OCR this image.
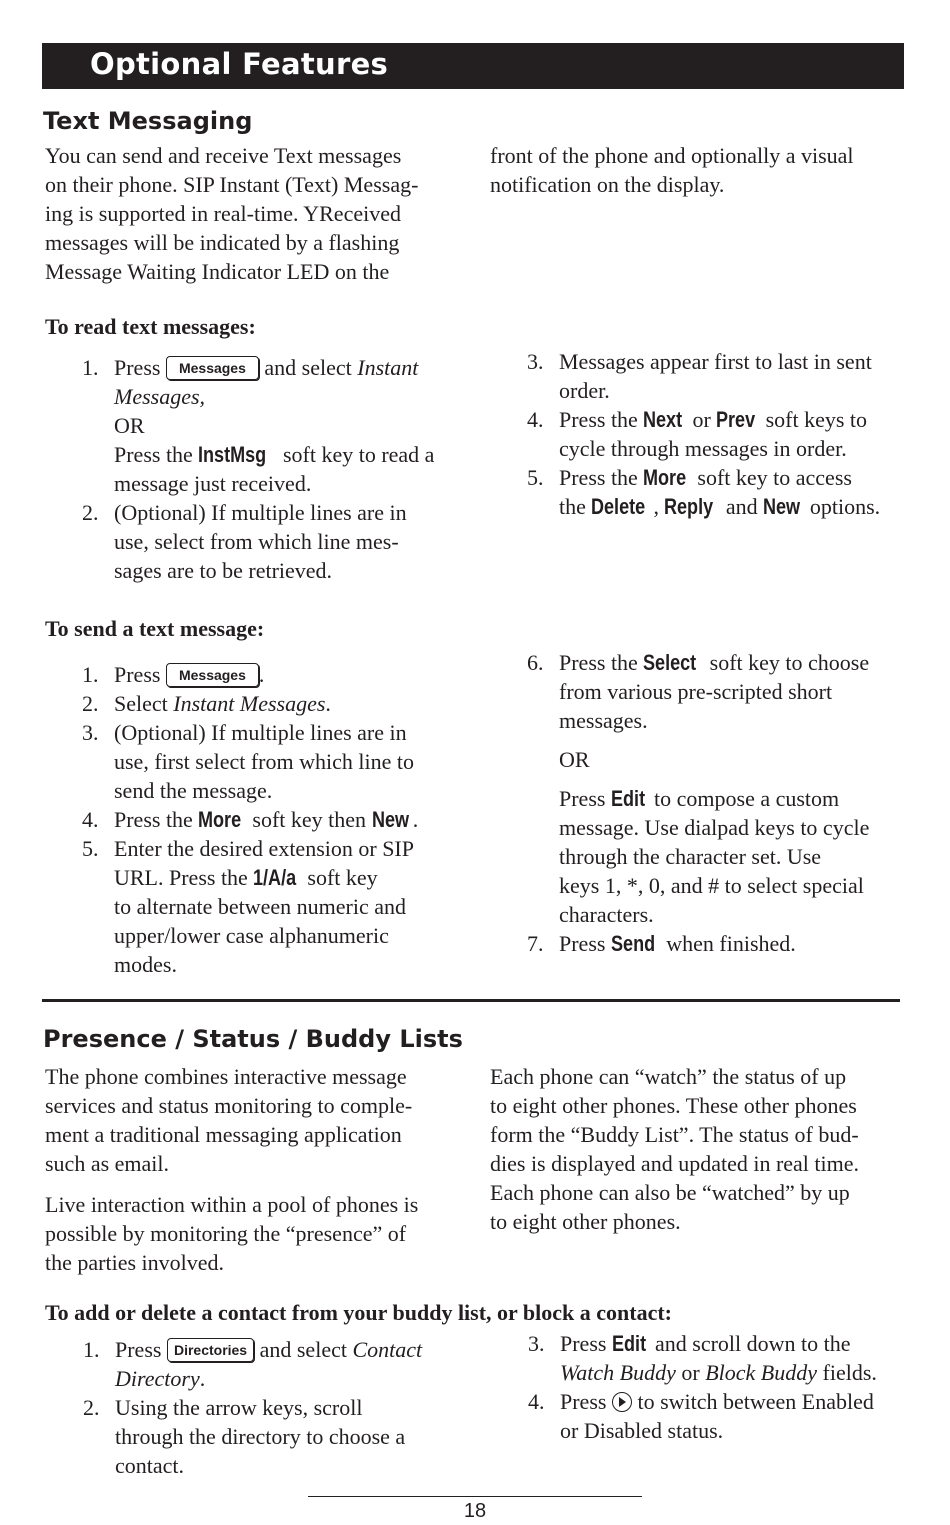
Optional Features
Text Messaging
You can send and receive Text messages
on their phone. SIP Instant (Text) Messag-
ing is supported in real-time. YReceived
messages will be indicated by a flashing
Message Waiting Indicator LED on the
front of the phone and optionally a visual
notification on the display.
To read text messages:
1. Press Messages and select Instant
Messages,
OR
Press the InstMsg soft key to read a
message just received.
2. (Optional) If multiple lines are in
use, select from which line mes-
sages are to be retrieved.
3. Messages appear first to last in sent
order.
4. Press the Next or Prev soft keys to
cycle through messages in order.
5. Press the More soft key to access
the Delete , Reply and New options.
To send a text message:
1. Press Messages .
2. Select Instant Messages.
3. (Optional) If multiple lines are in
use, first select from which line to
send the message.
4. Press the More soft key then New .
5. Enter the desired extension or SIP
URL. Press the 1/A/a soft key
to alternate between numeric and
upper/lower case alphanumeric
modes.
6. Press the Select soft key to choose
from various pre-scripted short
messages.
OR
Press Edit to compose a custom
message. Use dialpad keys to cycle
through the character set. Use
keys 1, *, 0, and # to select special
characters.
7. Press Send when finished.
Presence / Status / Buddy Lists
The phone combines interactive message
services and status monitoring to comple-
ment a traditional messaging application
such as email.
Live interaction within a pool of phones is
possible by monitoring the “presence” of
the parties involved.
Each phone can “watch” the status of up
to eight other phones. These other phones
form the “Buddy List”. The status of bud-
dies is displayed and updated in real time.
Each phone can also be “watched” by up
to eight other phones.
To add or delete a contact from your buddy list, or block a contact:
1. Press Directories and select Contact
Directory.
2. Using the arrow keys, scroll
through the directory to choose a
contact.
3. Press Edit and scroll down to the
Watch Buddy or Block Buddy fields.
4. Press to switch between Enabled
or Disabled status.
18
